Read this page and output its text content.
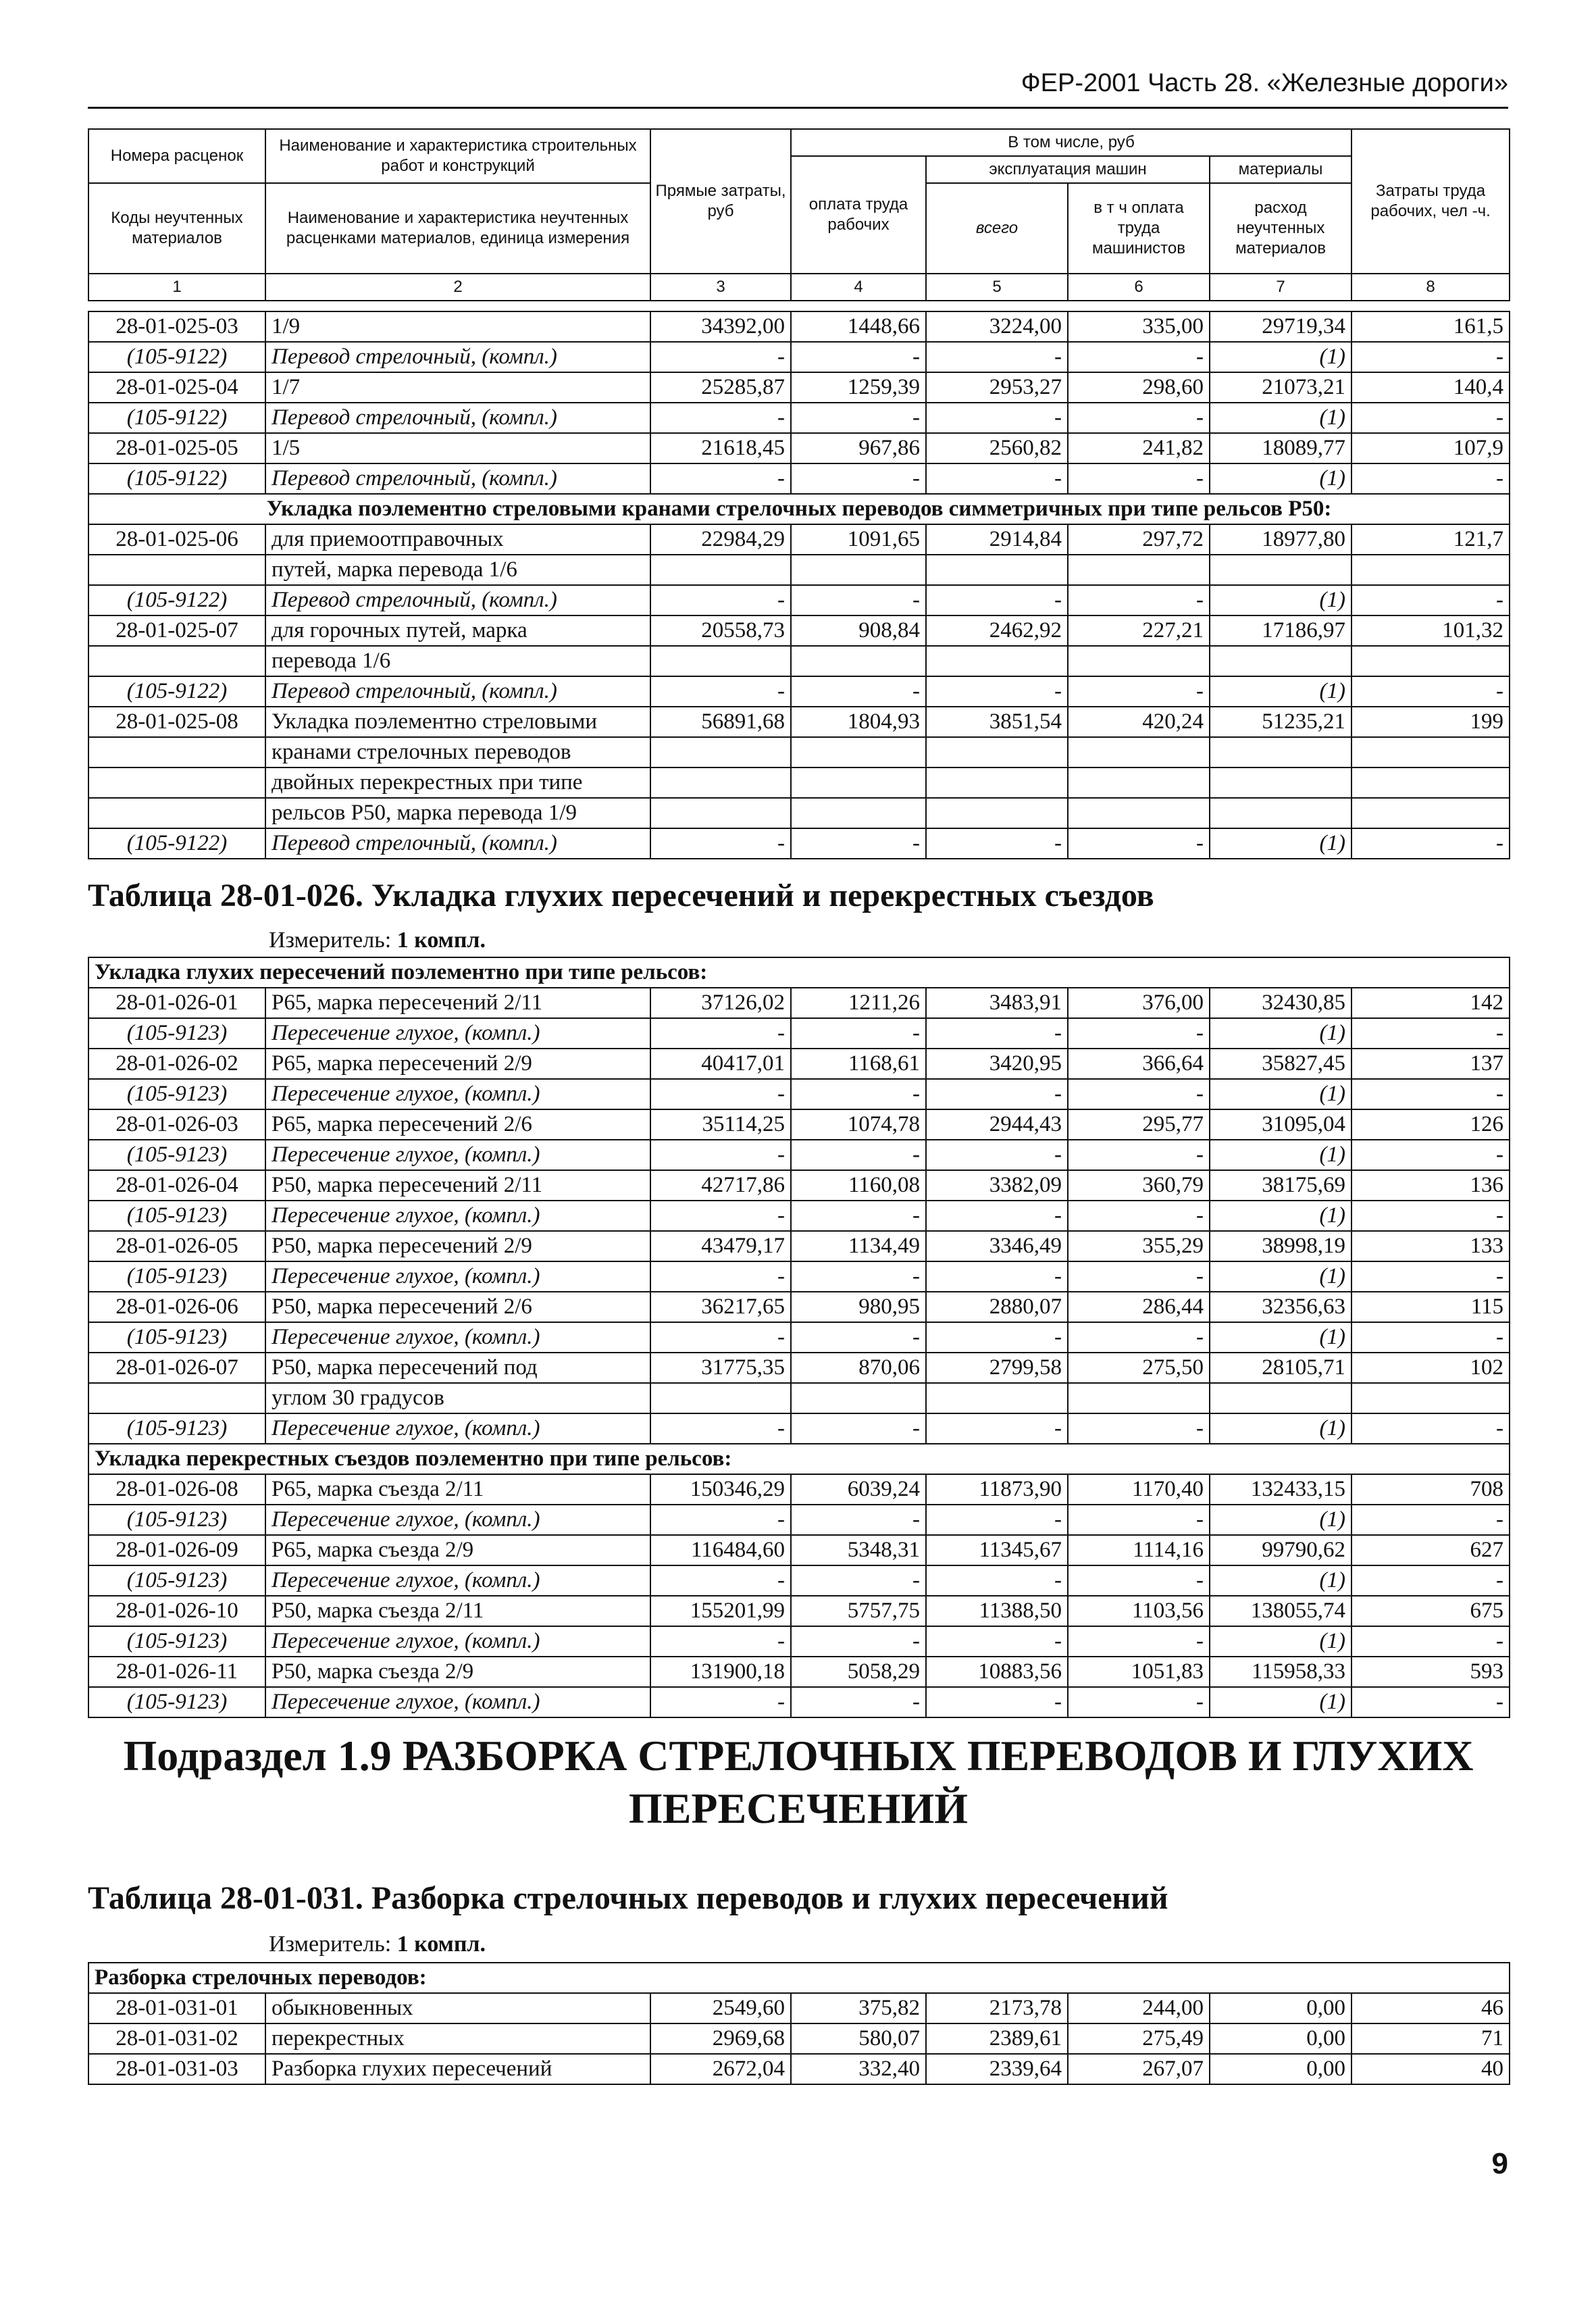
ФЕР-2001 Часть 28. «Железные дороги»
Номера расценок	Наименование и характеристика строительных работ и конструкций	Прямые затраты, руб	В том числе, руб				Затраты труда рабочих, чел -ч.
			оплата труда рабочих	эксплуатация машин		материалы	
Коды неучтенных материалов	Наименование и характеристика неучтенных расценками материалов, единица измерения			всего	в т ч оплата труда машинистов	расход неучтенных материалов	

1	2	3	4	5	6	7	8
28-01-025-03	1/9	34392,00	1448,66	3224,00	335,00	29719,34	161,5
(105-9122)	Перевод стрелочный, (компл.)	-	-	-	-	(1)	-
28-01-025-04	1/7	25285,87	1259,39	2953,27	298,60	21073,21	140,4
(105-9122)	Перевод стрелочный, (компл.)	-	-	-	-	(1)	-
28-01-025-05	1/5	21618,45	967,86	2560,82	241,82	18089,77	107,9
(105-9122)	Перевод стрелочный, (компл.)	-	-	-	-	(1)	-
Укладка поэлементно стреловыми кранами стрелочных переводов симметричных при типе рельсов Р50:							
28-01-025-06	для приемоотправочных	22984,29	1091,65	2914,84	297,72	18977,80	121,7
	путей, марка перевода 1/6						
(105-9122)	Перевод стрелочный, (компл.)	-	-	-	-	(1)	-
28-01-025-07	для горочных путей, марка	20558,73	908,84	2462,92	227,21	17186,97	101,32
	перевода 1/6						
(105-9122)	Перевод стрелочный, (компл.)	-	-	-	-	(1)	-
28-01-025-08	Укладка поэлементно стреловыми	56891,68	1804,93	3851,54	420,24	51235,21	199
	кранами стрелочных переводов						
	двойных перекрестных при типе						
	рельсов Р50, марка перевода 1/9						
(105-9122)	Перевод стрелочный, (компл.)	-	-	-	-	(1)	-
Таблица 28-01-026. Укладка глухих пересечений и перекрестных съездов
Измеритель: 1 компл.
Укладка глухих пересечений поэлементно при типе рельсов:							
28-01-026-01	Р65, марка пересечений 2/11	37126,02	1211,26	3483,91	376,00	32430,85	142
(105-9123)	Пересечение глухое, (компл.)	-	-	-	-	(1)	-
28-01-026-02	Р65, марка пересечений 2/9	40417,01	1168,61	3420,95	366,64	35827,45	137
(105-9123)	Пересечение глухое, (компл.)	-	-	-	-	(1)	-
28-01-026-03	Р65, марка пересечений 2/6	35114,25	1074,78	2944,43	295,77	31095,04	126
(105-9123)	Пересечение глухое, (компл.)	-	-	-	-	(1)	-
28-01-026-04	Р50, марка пересечений 2/11	42717,86	1160,08	3382,09	360,79	38175,69	136
(105-9123)	Пересечение глухое, (компл.)	-	-	-	-	(1)	-
28-01-026-05	Р50, марка пересечений 2/9	43479,17	1134,49	3346,49	355,29	38998,19	133
(105-9123)	Пересечение глухое, (компл.)	-	-	-	-	(1)	-
28-01-026-06	Р50, марка пересечений 2/6	36217,65	980,95	2880,07	286,44	32356,63	115
(105-9123)	Пересечение глухое, (компл.)	-	-	-	-	(1)	-
28-01-026-07	Р50, марка пересечений под	31775,35	870,06	2799,58	275,50	28105,71	102
	углом 30 градусов						
(105-9123)	Пересечение глухое, (компл.)	-	-	-	-	(1)	-
Укладка перекрестных съездов поэлементно при типе рельсов:							
28-01-026-08	Р65, марка съезда 2/11	150346,29	6039,24	11873,90	1170,40	132433,15	708
(105-9123)	Пересечение глухое, (компл.)	-	-	-	-	(1)	-
28-01-026-09	Р65, марка съезда 2/9	116484,60	5348,31	11345,67	1114,16	99790,62	627
(105-9123)	Пересечение глухое, (компл.)	-	-	-	-	(1)	-
28-01-026-10	Р50, марка съезда 2/11	155201,99	5757,75	11388,50	1103,56	138055,74	675
(105-9123)	Пересечение глухое, (компл.)	-	-	-	-	(1)	-
28-01-026-11	Р50, марка съезда 2/9	131900,18	5058,29	10883,56	1051,83	115958,33	593
(105-9123)	Пересечение глухое, (компл.)	-	-	-	-	(1)	-
Подраздел 1.9 РАЗБОРКА СТРЕЛОЧНЫХ ПЕРЕВОДОВ И ГЛУХИХ
ПЕРЕСЕЧЕНИЙ
Таблица 28-01-031. Разборка стрелочных переводов и глухих пересечений
Измеритель: 1 компл.
Разборка стрелочных переводов:							
28-01-031-01	обыкновенных	2549,60	375,82	2173,78	244,00	0,00	46
28-01-031-02	перекрестных	2969,68	580,07	2389,61	275,49	0,00	71
28-01-031-03	Разборка глухих пересечений	2672,04	332,40	2339,64	267,07	0,00	40
9
